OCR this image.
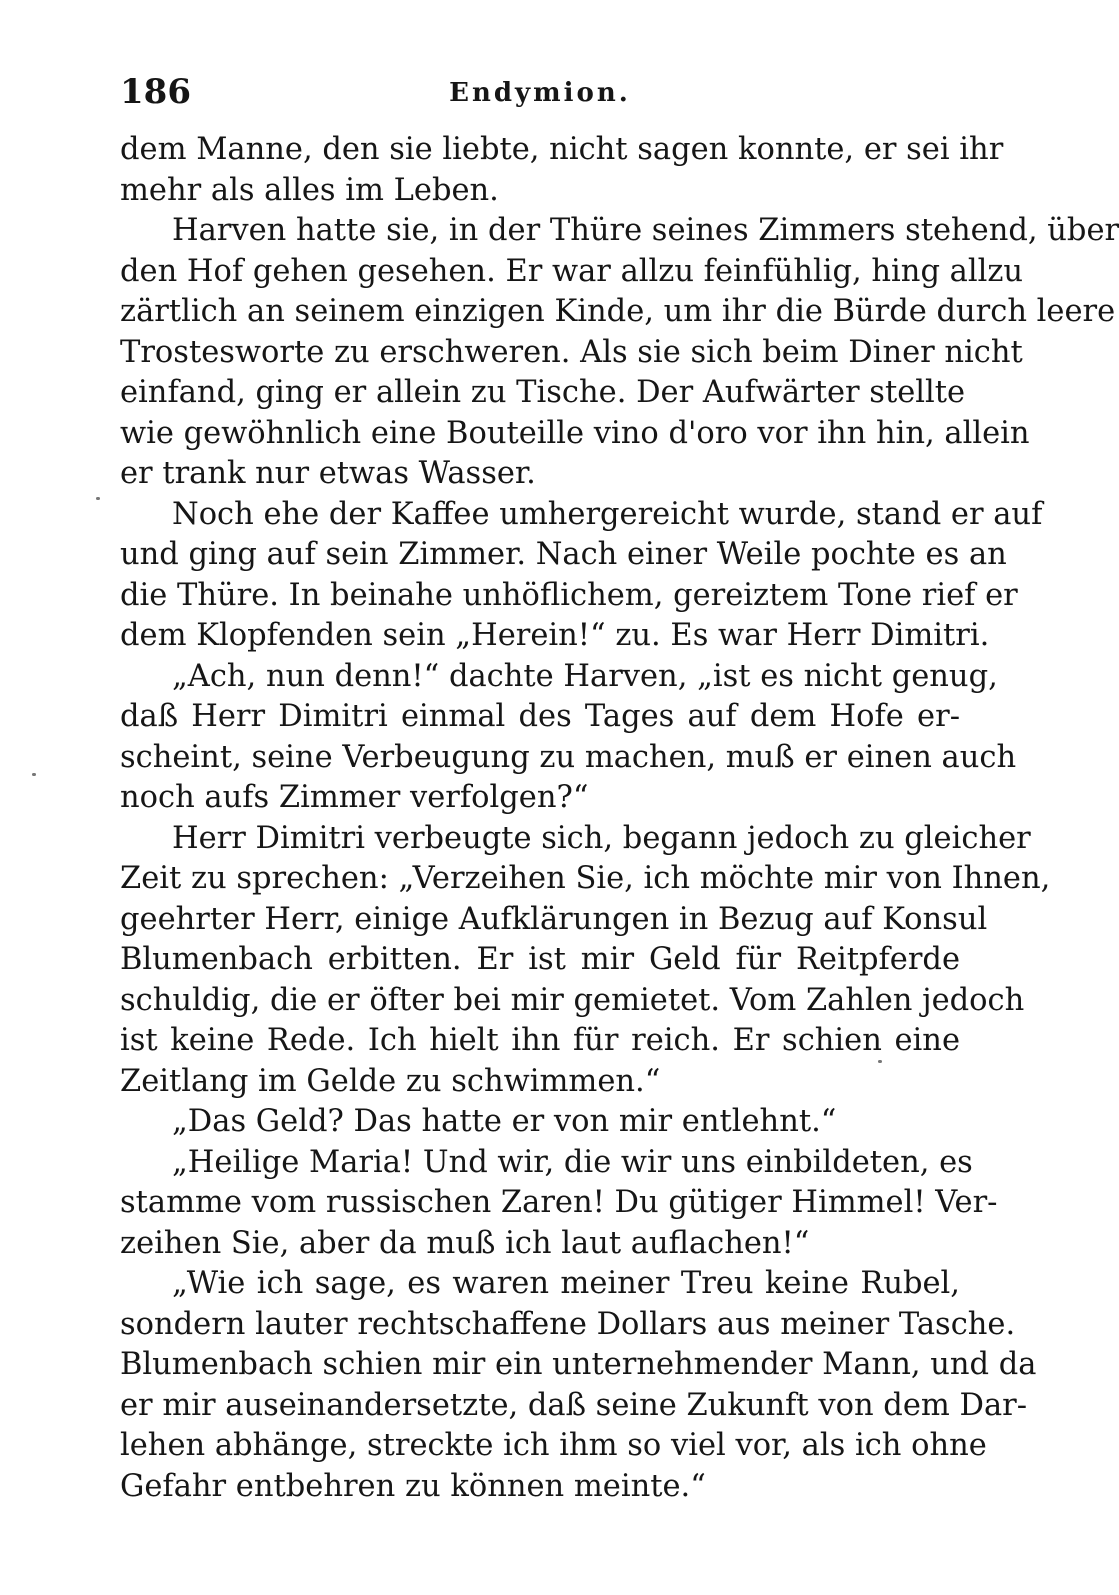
186	Endymion.
dem Manne, den sie liebte, nicht sagen konnte, er sei ihr
mehr als alles im Leben.
Harven hatte sie, in der Thüre seines Zimmers stehend, über
den Hof gehen gesehen. Er war allzu feinfühlig, hing allzu
zärtlich an seinem einzigen Kinde, um ihr die Bürde durch leere
Trostesworte zu erschweren. Als sie sich beim Diner nicht
einfand, ging er allein zu Tische. Der Aufwärter stellte
wie gewöhnlich eine Bouteille vino d'oro vor ihn hin, allein
er trank nur etwas Wasser.
Noch ehe der Kaffee umhergereicht wurde, stand er auf
und ging auf sein Zimmer. Nach einer Weile pochte es an
die Thüre. In beinahe unhöflichem, gereiztem Tone rief er
dem Klopfenden sein „Herein!“ zu. Es war Herr Dimitri.
„Ach, nun denn!“ dachte Harven, „ist es nicht genug,
daß Herr Dimitri einmal des Tages auf dem Hofe er-
scheint, seine Verbeugung zu machen, muß er einen auch
noch aufs Zimmer verfolgen?“
Herr Dimitri verbeugte sich, begann jedoch zu gleicher
Zeit zu sprechen: „Verzeihen Sie, ich möchte mir von Ihnen,
geehrter Herr, einige Aufklärungen in Bezug auf Konsul
Blumenbach erbitten. Er ist mir Geld für Reitpferde
schuldig, die er öfter bei mir gemietet. Vom Zahlen jedoch
ist keine Rede. Ich hielt ihn für reich. Er schien eine
Zeitlang im Gelde zu schwimmen.“
„Das Geld? Das hatte er von mir entlehnt.“
„Heilige Maria! Und wir, die wir uns einbildeten, es
stamme vom russischen Zaren! Du gütiger Himmel! Ver-
zeihen Sie, aber da muß ich laut auflachen!“
„Wie ich sage, es waren meiner Treu keine Rubel,
sondern lauter rechtschaffene Dollars aus meiner Tasche.
Blumenbach schien mir ein unternehmender Mann, und da
er mir auseinandersetzte, daß seine Zukunft von dem Dar-
lehen abhänge, streckte ich ihm so viel vor, als ich ohne
Gefahr entbehren zu können meinte.“
